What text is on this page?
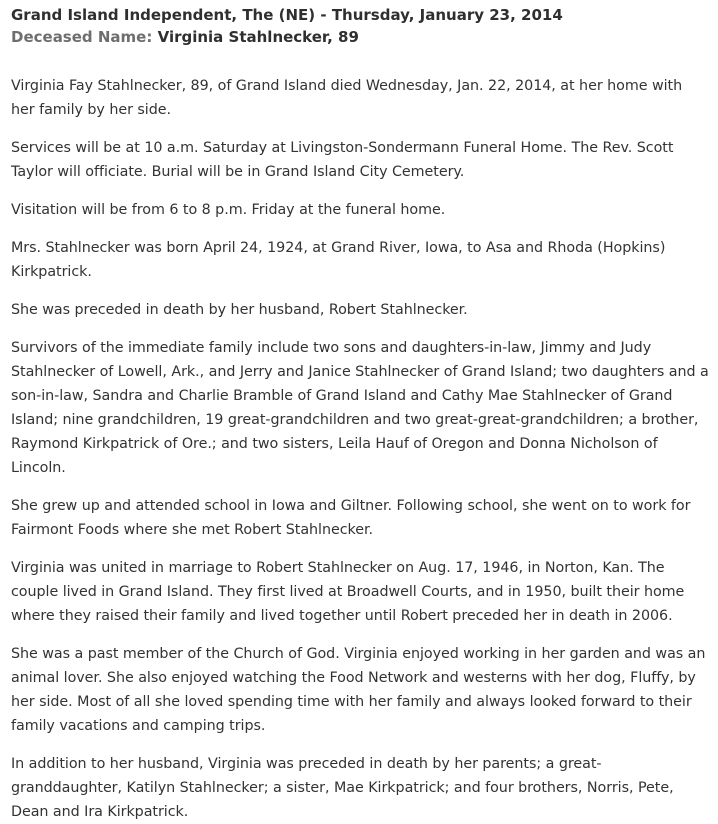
Grand Island Independent, The (NE) - Thursday, January 23, 2014
Deceased Name: Virginia Stahlnecker, 89

Virginia Fay Stahlnecker, 89, of Grand Island died Wednesday, Jan. 22, 2014, at her home with her family by her side.

Services will be at 10 a.m. Saturday at Livingston-Sondermann Funeral Home. The Rev. Scott Taylor will officiate. Burial will be in Grand Island City Cemetery.

Visitation will be from 6 to 8 p.m. Friday at the funeral home.

Mrs. Stahlnecker was born April 24, 1924, at Grand River, Iowa, to Asa and Rhoda (Hopkins) Kirkpatrick.

She was preceded in death by her husband, Robert Stahlnecker.

Survivors of the immediate family include two sons and daughters-in-law, Jimmy and Judy Stahlnecker of Lowell, Ark., and Jerry and Janice Stahlnecker of Grand Island; two daughters and a son-in-law, Sandra and Charlie Bramble of Grand Island and Cathy Mae Stahlnecker of Grand Island; nine grandchildren, 19 great-grandchildren and two great-great-grandchildren; a brother, Raymond Kirkpatrick of Ore.; and two sisters, Leila Hauf of Oregon and Donna Nicholson of Lincoln.

She grew up and attended school in Iowa and Giltner. Following school, she went on to work for Fairmont Foods where she met Robert Stahlnecker.

Virginia was united in marriage to Robert Stahlnecker on Aug. 17, 1946, in Norton, Kan. The couple lived in Grand Island. They first lived at Broadwell Courts, and in 1950, built their home where they raised their family and lived together until Robert preceded her in death in 2006.

She was a past member of the Church of God. Virginia enjoyed working in her garden and was an animal lover. She also enjoyed watching the Food Network and westerns with her dog, Fluffy, by her side. Most of all she loved spending time with her family and always looked forward to their family vacations and camping trips.

In addition to her husband, Virginia was preceded in death by her parents; a great-granddaughter, Katilyn Stahlnecker; a sister, Mae Kirkpatrick; and four brothers, Norris, Pete, Dean and Ira Kirkpatrick.
